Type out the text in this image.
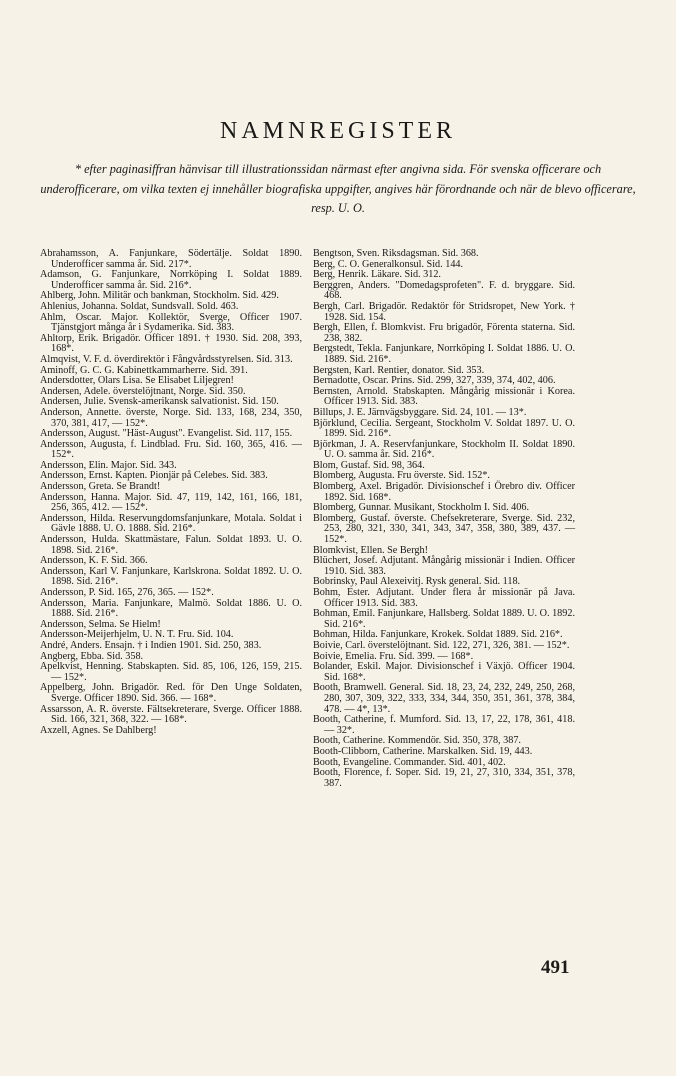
NAMNREGISTER
* efter paginasiffran hänvisar till illustrationssidan närmast efter angivna sida. För svenska officerare och underofficerare, om vilka texten ej innehåller biografiska uppgifter, angives här förordnande och när de blevo officerare, resp. U. O.

Abrahamsson, A. Fanjunkare, Södertälje. Soldat 1890. Underofficer samma år. Sid. 217*.

Adamson, G. Fanjunkare, Norrköping I. Soldat 1889. Underofficer samma år. Sid. 216*.

Ahlberg, John. Militär och bankman, Stockholm. Sid. 429.

Ahlenius, Johanna. Soldat, Sundsvall. Sold. 463.

Ahlm, Oscar. Major. Kollektör, Sverge, Officer 1907. Tjänstgjort många år i Sydamerika. Sid. 383.

Ahltorp, Erik. Brigadör. Officer 1891. † 1930. Sid. 208, 393, 168*.

Almqvist, V. F. d. överdirektör i Fångvårdsstyrelsen. Sid. 313.

Aminoff, G. C. G. Kabinettkammarherre. Sid. 391.

Andersdotter, Olars Lisa. Se Elisabet Liljegren!

Andersen, Adele. överstelöjtnant, Norge. Sid. 350.

Andersen, Julie. Svensk-amerikansk salvationist. Sid. 150.

Anderson, Annette. överste, Norge. Sid. 133, 168, 234, 350, 370, 381, 417, — 152*.

Andersson, August. "Häst-August". Evangelist. Sid. 117, 155.

Andersson, Augusta, f. Lindblad. Fru. Sid. 160, 365, 416. — 152*.

Andersson, Elin. Major. Sid. 343.

Andersson, Ernst. Kapten. Pionjär på Celebes. Sid. 383.

Andersson, Greta. Se Brandt!

Andersson, Hanna. Major. Sid. 47, 119, 142, 161, 166, 181, 256, 365, 412. — 152*.

Andersson, Hilda. Reservungdomsfanjunkare, Motala. Soldat i Gävle 1888. U. O. 1888. Sid. 216*.

Andersson, Hulda. Skattmästare, Falun. Soldat 1893. U. O. 1898. Sid. 216*.

Andersson, K. F. Sid. 366.

Andersson, Karl V. Fanjunkare, Karlskrona. Soldat 1892. U. O. 1898. Sid. 216*.

Andersson, P. Sid. 165, 276, 365. — 152*.

Andersson, Maria. Fanjunkare, Malmö. Soldat 1886. U. O. 1888. Sid. 216*.

Andersson, Selma. Se Hielm!

Andersson-Meijerhjelm, U. N. T. Fru. Sid. 104.

André, Anders. Ensajn. † i Indien 1901. Sid. 250, 383.

Angberg, Ebba. Sid. 358.

Apelkvist, Henning. Stabskapten. Sid. 85, 106, 126, 159, 215. — 152*.

Appelberg, John. Brigadör. Red. för Den Unge Soldaten, Sverge. Officer 1890. Sid. 366. — 168*.

Assarsson, A. R. överste. Fältsekreterare, Sverge. Officer 1888. Sid. 166, 321, 368, 322. — 168*.

Axzell, Agnes. Se Dahlberg!

Bengtson, Sven. Riksdagsman. Sid. 368.

Berg, C. O. Generalkonsul. Sid. 144.

Berg, Henrik. Läkare. Sid. 312.

Berggren, Anders. "Domedagsprofeten". F. d. bryggare. Sid. 468.

Bergh, Carl. Brigadör. Redaktör för Stridsropet, New York. † 1928. Sid. 154.

Bergh, Ellen, f. Blomkvist. Fru brigadör, Förenta staterna. Sid. 238, 382.

Bergstedt, Tekla. Fanjunkare, Norrköping I. Soldat 1886. U. O. 1889. Sid. 216*.

Bergsten, Karl. Rentier, donator. Sid. 353.

Bernadotte, Oscar. Prins. Sid. 299, 327, 339, 374, 402, 406.

Bernsten, Arnold. Stabskapten. Mångårig missionär i Korea. Officer 1913. Sid. 383.

Billups, J. E. Järnvägsbyggare. Sid. 24, 101. — 13*.

Björklund, Cecilia. Sergeant, Stockholm V. Soldat 1897. U. O. 1899. Sid. 216*.

Björkman, J. A. Reservfanjunkare, Stockholm II. Soldat 1890. U. O. samma år. Sid. 216*.

Blom, Gustaf. Sid. 98, 364.

Blomberg, Augusta. Fru överste. Sid. 152*.

Blomberg, Axel. Brigadör. Divisionschef i Örebro div. Officer 1892. Sid. 168*.

Blomberg, Gunnar. Musikant, Stockholm I. Sid. 406.

Blomberg, Gustaf. överste. Chefsekreterare, Sverge. Sid. 232, 253, 280, 321, 330, 341, 343, 347, 358, 380, 389, 437. — 152*.

Blomkvist, Ellen. Se Bergh!

Blüchert, Josef. Adjutant. Mångårig missionär i Indien. Officer 1910. Sid. 383.

Bobrinsky, Paul Alexeivitj. Rysk general. Sid. 118.

Bohm, Ester. Adjutant. Under flera år missionär på Java. Officer 1913. Sid. 383.

Bohman, Emil. Fanjunkare, Hallsberg. Soldat 1889. U. O. 1892. Sid. 216*.

Bohman, Hilda. Fanjunkare, Krokek. Soldat 1889. Sid. 216*.

Boivie, Carl. överstelöjtnant. Sid. 122, 271, 326, 381. — 152*.

Boivie, Emelia. Fru. Sid. 399. — 168*.

Bolander, Eskil. Major. Divisionschef i Växjö. Officer 1904. Sid. 168*.

Booth, Bramwell. General. Sid. 18, 23, 24, 232, 249, 250, 268, 280, 307, 309, 322, 333, 334, 344, 350, 351, 361, 378, 384, 478. — 4*, 13*.

Booth, Catherine, f. Mumford. Sid. 13, 17, 22, 178, 361, 418. — 32*.

Booth, Catherine. Kommendör. Sid. 350, 378, 387.

Booth-Clibborn, Catherine. Marskalken. Sid. 19, 443.

Booth, Evangeline. Commander. Sid. 401, 402.

Booth, Florence, f. Soper. Sid. 19, 21, 27, 310, 334, 351, 378, 387.

491
